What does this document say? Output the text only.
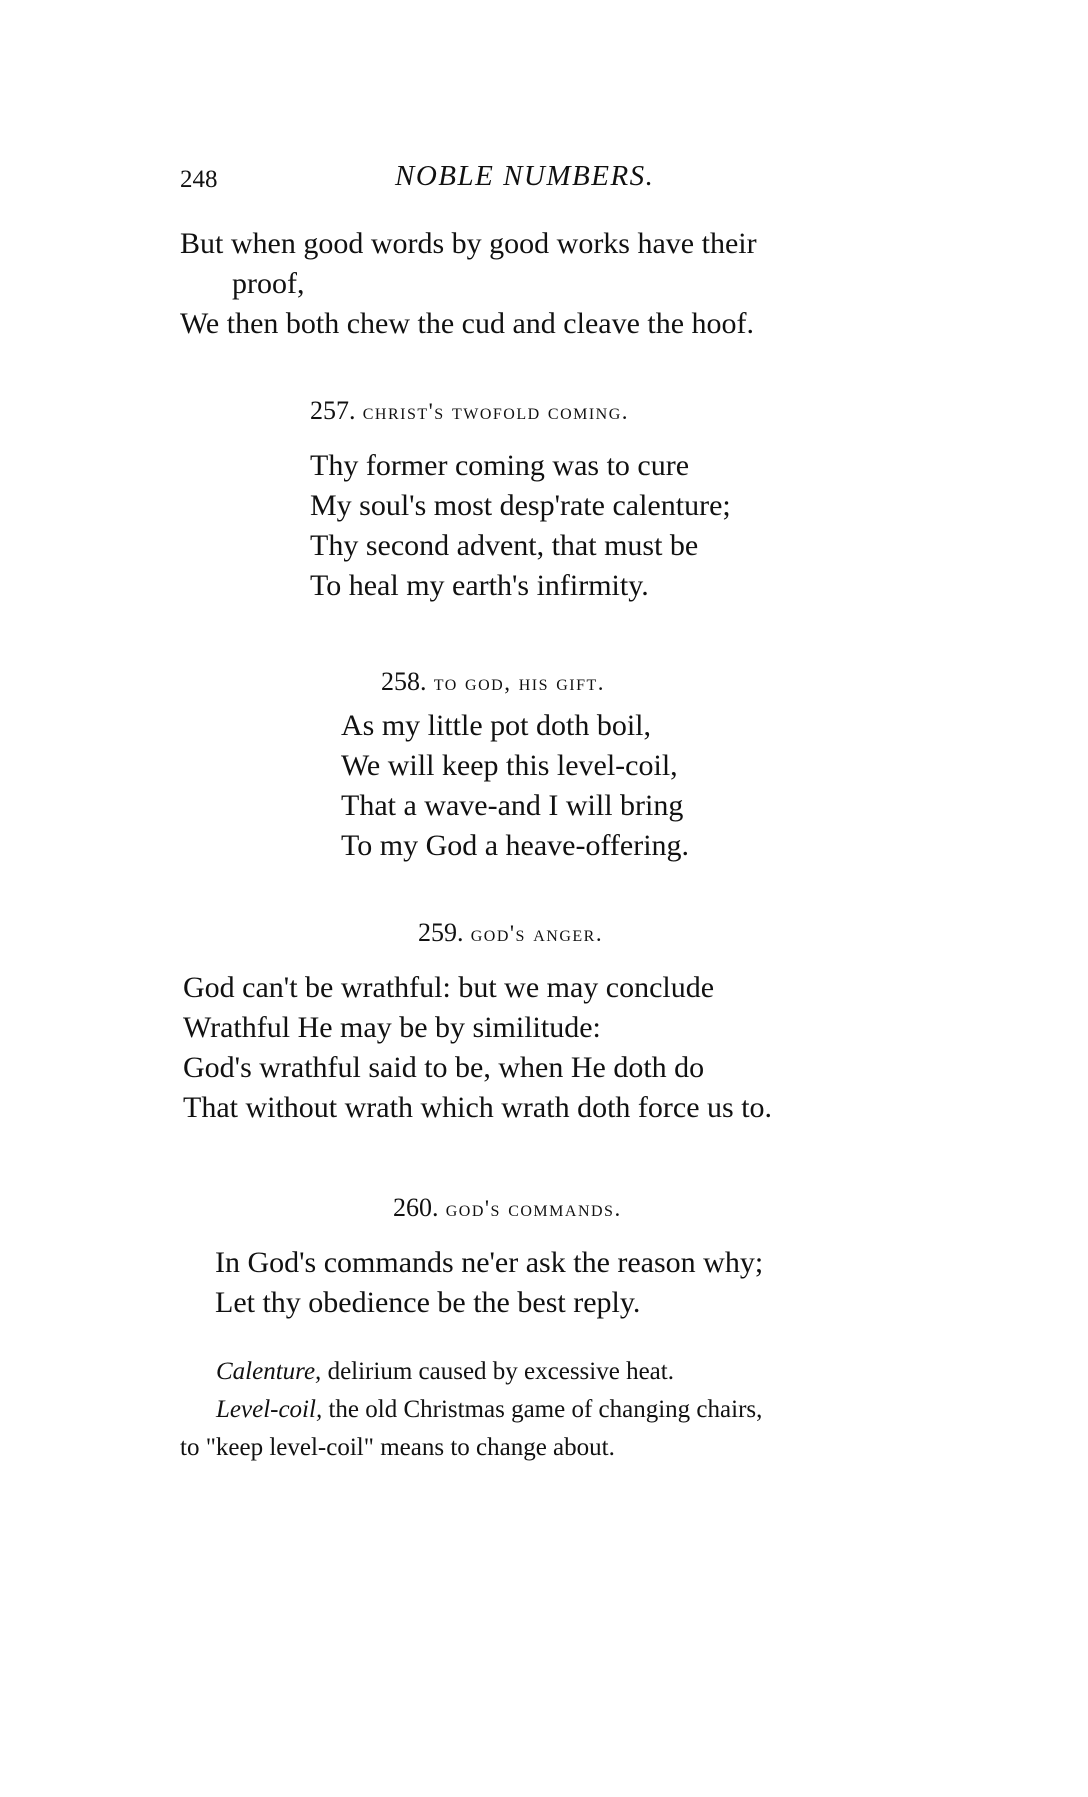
248	NOBLE NUMBERS.
But when good words by good works have their
proof,
We then both chew the cud and cleave the hoof.
257. christ's twofold coming.
Thy former coming was to cure
My soul's most desp'rate calenture;
Thy second advent, that must be
To heal my earth's infirmity.
258. to god, his gift.
As my little pot doth boil,
We will keep this level-coil,
That a wave-and I will bring
To my God a heave-offering.
259. god's anger.
God can't be wrathful: but we may conclude
Wrathful He may be by similitude:
God's wrathful said to be, when He doth do
That without wrath which wrath doth force us to.
260. god's commands.
In God's commands ne'er ask the reason why;
Let thy obedience be the best reply.
Calenture, delirium caused by excessive heat.
Level-coil, the old Christmas game of changing chairs,
to "keep level-coil" means to change about.
